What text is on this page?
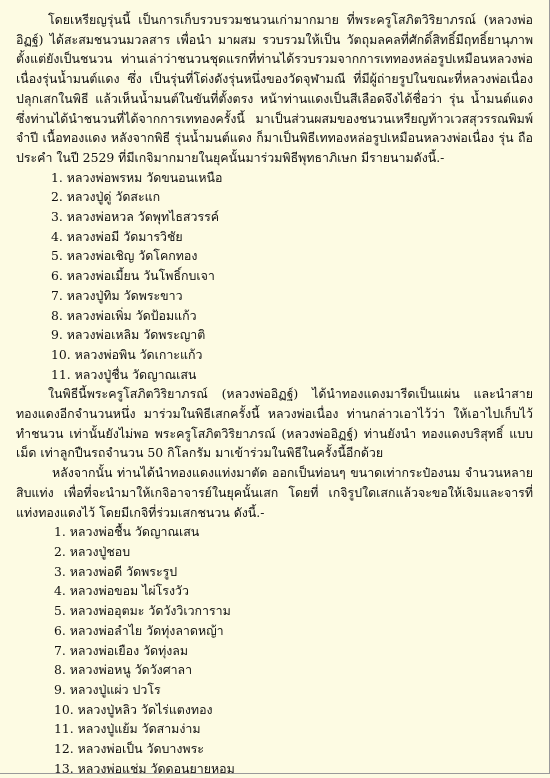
โดยเหรียญรุ่นนี้ เป็นการเก็บรวบรวมชนวนเก่ามากมาย ที่พระครูโสภิตวิริยาภรณ์ (หลวงพ่ออิฏฐ์) ได้สะสมชนวนมวลสาร เพื่อนำ มาผสม รวบรวมให้เป็น วัตถุมลคลที่ศักดิ์สิทธิ์มีฤทธิ์ยานุภาพตั้งแต่ยังเป็นชนวน ท่านเล่าว่าชนวนชุดแรกที่ท่านได้รวบรวมจากการเททองหล่อรูปเหมือนหลวงพ่อเนื่องรุ่นน้ำมนต์แดง ซึ่ง เป็นรุ่นที่โด่งดังรุ่นหนึ่งของวัดจุฬามณี ที่มีผู้ถ่ายรูปในขณะที่หลวงพ่อเนื่องปลุกเสกในพิธี แล้วเห็นน้ำมนต์ในขันที่ตั้งตรง หน้าท่านแดงเป็นสีเลือดจึงได้ชื่อว่า รุ่น น้ำมนต์แดง ซึ่งท่านได้นำชนวนที่ได้จากการเททองครั้งนี้ มาเป็นส่วนผสมของชนวนเหรียญท้าวเวสสุวรรณพิมพ์จำปี เนื้อทองแดง หลังจากพิธี รุ่นน้ำมนต์แดง ก็มาเป็นพิธีเททองหล่อรูปเหมือนหลวงพ่อเนื่อง รุ่น ถือประคำ ในปี 2529 ที่มีเกจิมากมายในยุคนั้นมาร่วมพิธีพุทธาภิเษก มีรายนามดังนี้.-

1. หลวงพ่อพรหม วัดขนอนเหนือ
2. หลวงปู่ดู่ วัดสะแก
3. หลวงพ่อหวล วัดพุทไธสวรรค์
4. หลวงพ่อมี วัดมารวิชัย
5. หลวงพ่อเชิญ วัดโคกทอง
6. หลวงพ่อเมี้ยน วันโพธิ์กบเจา
7. หลวงปู่ทิม วัดพระขาว
8. หลวงพ่อเพิ่ม วัดป้อมแก้ว
9. หลวงพ่อเหลิม วัดพระญาติ
10. หลวงพ่อพิน วัดเกาะแก้ว
11. หลวงปู่ชื่น วัดญาณเสน

ในพิธีนี้พระครูโสภิตวิริยาภรณ์ (หลวงพ่ออิฏฐ์) ได้นำทองแดงมารีดเป็นแผ่น และนำสายทองแดงอีกจำนวนหนึ่ง มาร่วมในพิธีเสกครั้งนี้ หลวงพ่อเนื่อง ท่านกล่าวเอาไว้ว่า ให้เอาไปเก็บไว้ ทำชนวน เท่านั้นยังไม่พอ พระครูโสภิตวิริยาภรณ์ (หลวงพ่ออิฏฐ์) ท่านยังนำ ทองแดงบริสุทธิ์ แบบเม็ด เท่าลูกปืนรถจำนวน 50 กิโลกรัม มาเข้าร่วมในพิธีในครั้งนี้อีกด้วย

หลังจากนั้น ท่านได้นำทองแดงแท่งมาตัด ออกเป็นท่อนๆ ขนาดเท่ากระป๋องนม จำนวนหลายสิบแท่ง เพื่อที่จะนำมาให้เกจิอาจารย์ในยุคนั้นเสก โดยที่ เกจิรูปใดเสกแล้วจะขอให้เจิมและจารที่แท่งทองแดงไว้ โดยมีเกจิที่ร่วมเสกชนวน ดังนี้.-

1. หลวงพ่อชื้น วัดญาณเสน
2. หลวงปู่ชอบ
3. หลวงพ่อดี วัดพระรูป
4. หลวงพ่อขอม ไผ่โรงวัว
5. หลวงพ่ออุตมะ วัดวังวิเวการาม
6. หลวงพ่อลำไย วัดทุ่งลาดหญ้า
7. หลวงพ่อเยือง วัดทุ่งลม
8. หลวงพ่อหนู วัดวังศาลา
9. หลวงปู่แผ่ว ปวโร
10. หลวงปู่หลิว วัดไร่แตงทอง
11. หลวงปู่แย้ม วัดสามง่าม
12. หลวงพ่อเป็น วัดบางพระ
13. หลวงพ่อแช่ม วัดดอนยายหอม
